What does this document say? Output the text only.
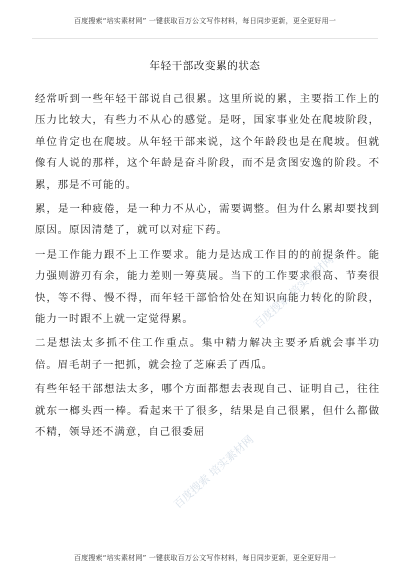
百度搜索“培实素材网” 一键获取百万公文写作材料，每日同步更新，更全更好用一
年轻干部改变累的状态

经常听到一些年轻干部说自己很累。这里所说的累，主要指工作上的压力比较大，有些力不从心的感觉。是呀，国家事业处在爬坡阶段，单位肯定也在爬坡。从年轻干部来说，这个年龄段也是在爬坡。但就像有人说的那样，这个年龄是奋斗阶段，而不是贪图安逸的阶段。不累，那是不可能的。

累，是一种疲倦，是一种力不从心，需要调整。但为什么累却要找到原因。原因清楚了，就可以对症下药。

一是工作能力跟不上工作要求。能力是达成工作目的的前提条件。能力强则游刃有余，能力差则一筹莫展。当下的工作要求很高、节奏很快，等不得、慢不得，而年轻干部恰恰处在知识向能力转化的阶段，能力一时跟不上就一定觉得累。

二是想法太多抓不住工作重点。集中精力解决主要矛盾就会事半功倍。眉毛胡子一把抓，就会捡了芝麻丢了西瓜。

有些年轻干部想法太多，哪个方面都想去表现自己、证明自己，往往就东一榔头西一棒。看起来干了很多，结果是自己很累，但什么都做不精，领导还不满意，自己很委屈

百度搜索 培实素材网
百度搜索 培实素材网
百度搜索“培实素材网” 一键获取百万公文写作材料，每日同步更新，更全更好用一
